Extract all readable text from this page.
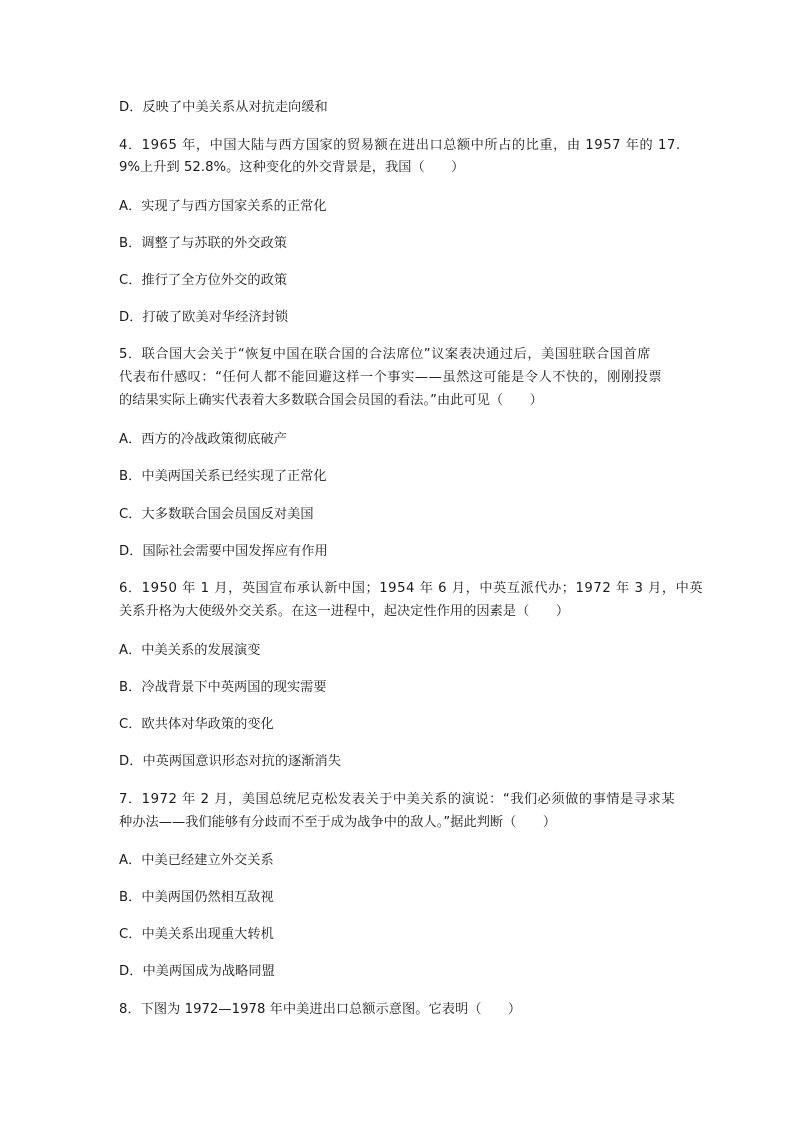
D．反映了中美关系从对抗走向缓和
4．1965 年，中国大陆与西方国家的贸易额在进出口总额中所占的比重，由 1957 年的 17.
9%上升到 52.8%。这种变化的外交背景是，我国（　　）
A．实现了与西方国家关系的正常化
B．调整了与苏联的外交政策
C．推行了全方位外交的政策
D．打破了欧美对华经济封锁
5．联合国大会关于“恢复中国在联合国的合法席位”议案表决通过后，美国驻联合国首席
代表布什感叹：“任何人都不能回避这样一个事实——虽然这可能是令人不快的，刚刚投票
的结果实际上确实代表着大多数联合国会员国的看法。”由此可见（　　）
A．西方的冷战政策彻底破产
B．中美两国关系已经实现了正常化
C．大多数联合国会员国反对美国
D．国际社会需要中国发挥应有作用
6．1950 年 1 月，英国宣布承认新中国；1954 年 6 月，中英互派代办；1972 年 3 月，中英
关系升格为大使级外交关系。在这一进程中，起决定性作用的因素是（　　）
A．中美关系的发展演变
B．冷战背景下中英两国的现实需要
C．欧共体对华政策的变化
D．中英两国意识形态对抗的逐渐消失
7．1972 年 2 月，美国总统尼克松发表关于中美关系的演说：“我们必须做的事情是寻求某
种办法——我们能够有分歧而不至于成为战争中的敌人。”据此判断（　　）
A．中美已经建立外交关系
B．中美两国仍然相互敌视
C．中美关系出现重大转机
D．中美两国成为战略同盟
8．下图为 1972—1978 年中美进出口总额示意图。它表明（　　）
